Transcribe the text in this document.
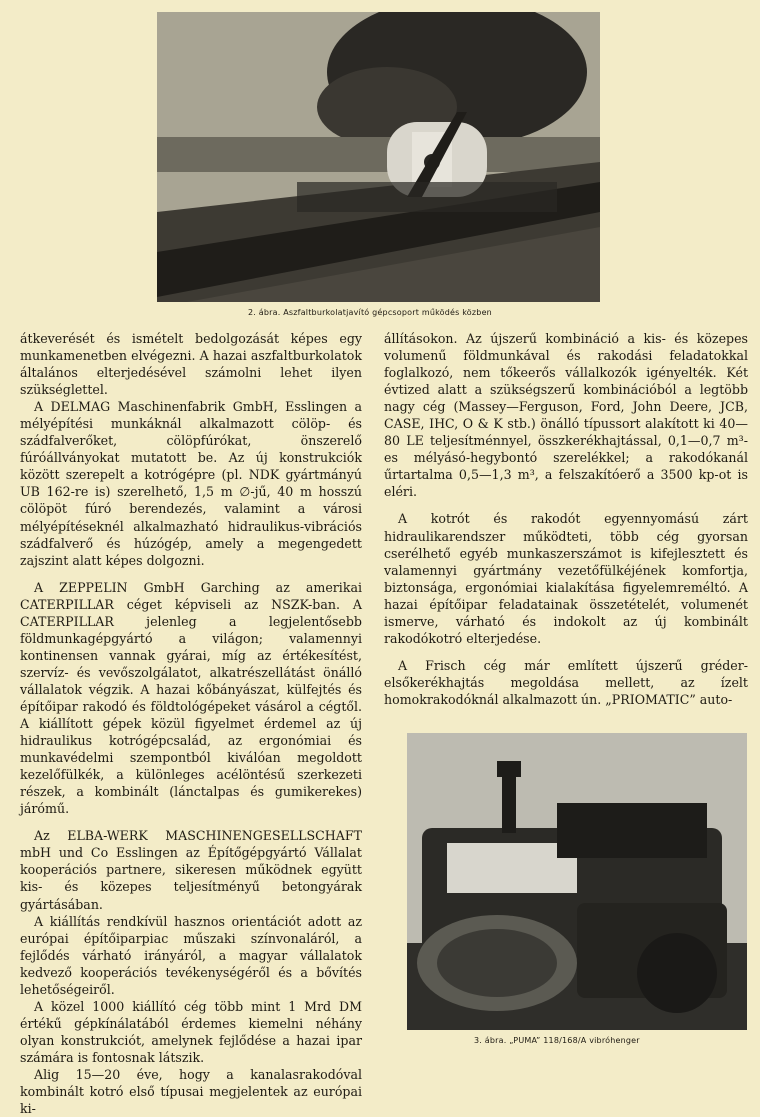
2. ábra. Aszfaltburkolatjavító gépcsoport működés közben

átkeverését és ismételt bedolgozását képes egy munkamenetben elvégezni. A hazai aszfaltburkolatok általános elterjedésével számolni lehet ilyen szükséglettel.

A DELMAG Maschinenfabrik GmbH, Esslingen a mélyépítési munkáknál alkalmazott cölöp- és szádfalverőket, cölöpfúrókat, önszerelő fúróállványokat mutatott be. Az új konstrukciók között szerepelt a kotrógépre (pl. NDK gyártmányú UB 162-re is) szerelhető, 1,5 m ∅-jű, 40 m hosszú cölöpöt fúró berendezés, valamint a városi mélyépítéseknél alkalmazható hidraulikus-vibrációs szádfalverő és húzógép, amely a megengedett zajszint alatt képes dolgozni.

A ZEPPELIN GmbH Garching az amerikai CATERPILLAR céget képviseli az NSZK-ban. A CATERPILLAR jelenleg a legjelentősebb földmunkagépgyártó a világon; valamennyi kontinensen vannak gyárai, míg az értékesítést, szervíz- és vevőszolgálatot, alkatrészellátást önálló vállalatok végzik. A hazai kőbányászat, külfejtés és építőipar rakodó és földtológépeket vásárol a cégtől. A kiállított gépek közül figyelmet érdemel az új hidraulikus kotrógépcsalád, az ergonómiai és munkavédelmi szempontból kiválóan megoldott kezelőfülkék, a különleges acélöntésű szerkezeti részek, a kombinált (lánctalpas és gumikerekes) járómű.

Az ELBA-WERK MASCHINENGESELLSCHAFT mbH und Co Esslingen az Építőgépgyártó Vállalat kooperációs partnere, sikeresen működnek együtt kis- és közepes teljesítményű betongyárak gyártásában.

A kiállítás rendkívül hasznos orientációt adott az európai építőiparpiac műszaki színvonaláról, a fejlődés várható irányáról, a magyar vállalatok kedvező kooperációs tevékenységéről és a bővítés lehetőségeiről.

A közel 1000 kiállító cég több mint 1 Mrd DM értékű gépkínálatából érdemes kiemelni néhány olyan konstrukciót, amelynek fejlődése a hazai ipar számára is fontosnak látszik.

Alig 15—20 éve, hogy a kanalasrakodóval kombinált kotró első típusai megjelentek az európai ki-

állításokon. Az újszerű kombináció a kis- és közepes volumenű földmunkával és rakodási feladatokkal foglalkozó, nem tőkeerős vállalkozók igényelték. Két évtized alatt a szükségszerű kombinációból a legtöbb nagy cég (Massey—Ferguson, Ford, John Deere, JCB, CASE, IHC, O & K stb.) önálló típussort alakított ki 40—80 LE teljesítménnyel, összkerékhajtással, 0,1—0,7 m³-es mélyásó-hegybontó szerelékkel; a rakodókanál űrtartalma 0,5—1,3 m³, a felszakítóerő a 3500 kp-ot is eléri.

A kotrót és rakodót egyennyomású zárt hidraulikarendszer működteti, több cég gyorsan cserélhető egyéb munkaszerszámot is kifejlesztett és valamennyi gyártmány vezetőfülkéjének komfortja, biztonsága, ergonómiai kialakítása figyelemreméltó. A hazai építőipar feladatainak összetételét, volumenét ismerve, várható és indokolt az új kombinált rakodókotró elterjedése.

A Frisch cég már említett újszerű gréder-elsőkerékhajtás megoldása mellett, az ízelt homokrakodóknál alkalmazott ún. „PRIOMATIC” auto-

3. ábra. „PUMA” 118/168/A vibróhenger
